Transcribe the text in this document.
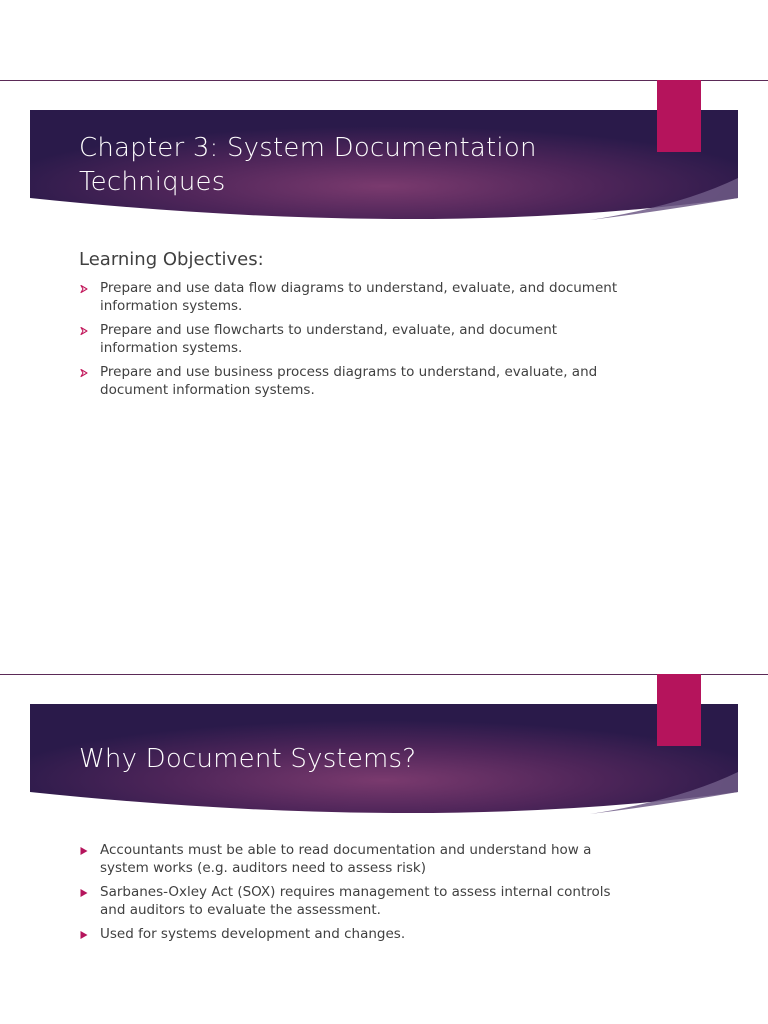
Chapter 3: System Documentation
Techniques
Learning Objectives:
Prepare and use data flow diagrams to understand, evaluate, and document information systems.
Prepare and use flowcharts to understand, evaluate, and document information systems.
Prepare and use business process diagrams to understand, evaluate, and document information systems.
Why Document Systems?
Accountants must be able to read documentation and understand how a system works (e.g. auditors need to assess risk)
Sarbanes-Oxley Act (SOX) requires management to assess internal controls and auditors to evaluate the assessment.
Used for systems development and changes.
